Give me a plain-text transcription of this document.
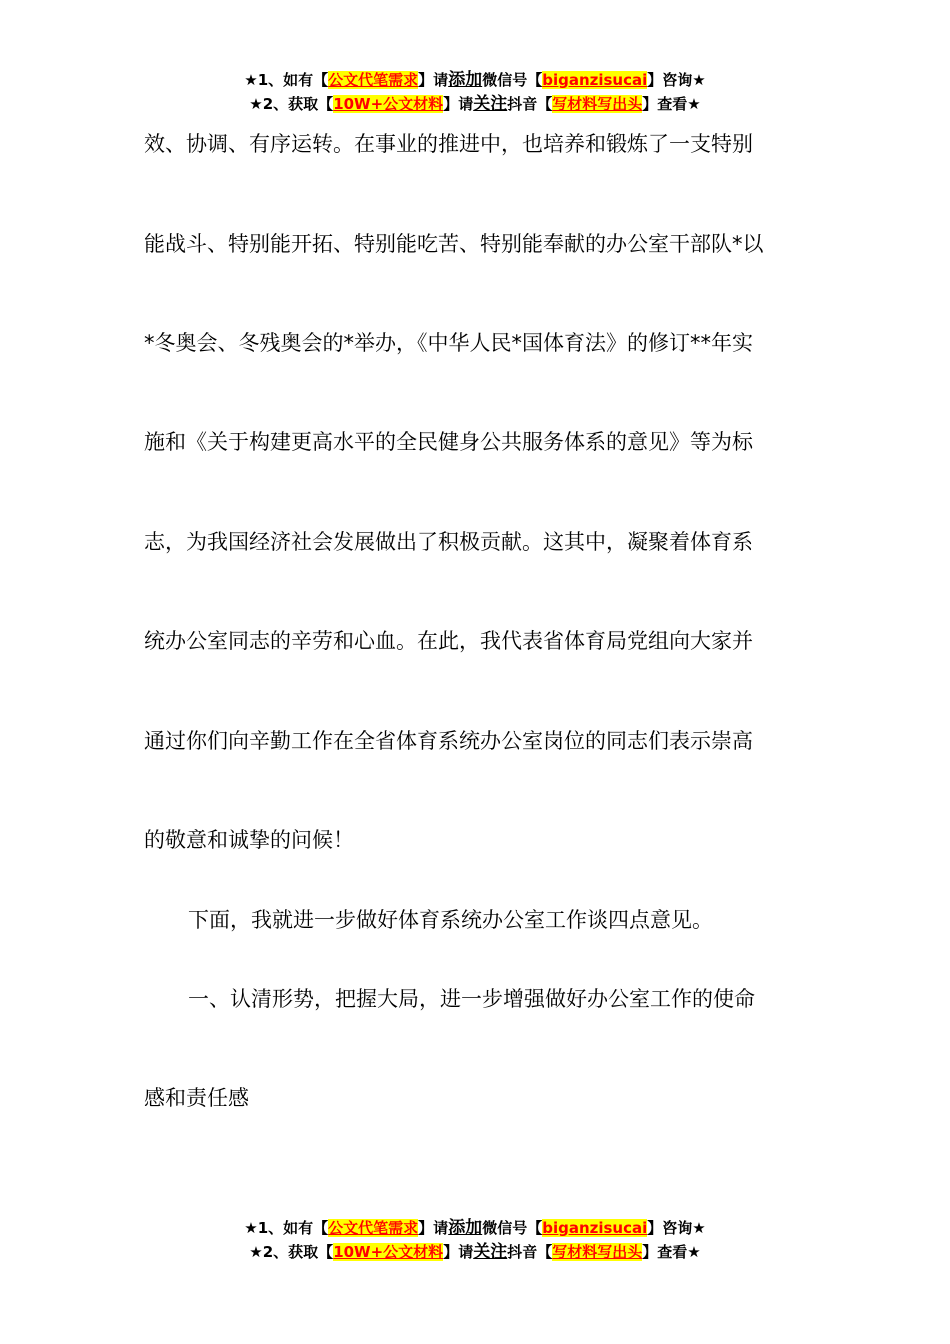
★1、如有【公文代笔需求】请添加微信号【biganzisucai】咨询★
★2、获取【10W+公文材料】请关注抖音【写材料写出头】查看★
效、协调、有序运转。在事业的推进中，也培养和锻炼了一支特别
能战斗、特别能开拓、特别能吃苦、特别能奉献的办公室干部队*以
*冬奥会、冬残奥会的*举办，《中华人民*国体育法》的修订**年实
施和《关于构建更高水平的全民健身公共服务体系的意见》等为标
志，为我国经济社会发展做出了积极贡献。这其中，凝聚着体育系
统办公室同志的辛劳和心血。在此，我代表省体育局党组向大家并
通过你们向辛勤工作在全省体育系统办公室岗位的同志们表示崇高
的敬意和诚挚的问候！
下面，我就进一步做好体育系统办公室工作谈四点意见。
一、认清形势，把握大局，进一步增强做好办公室工作的使命
感和责任感
★1、如有【公文代笔需求】请添加微信号【biganzisucai】咨询★
★2、获取【10W+公文材料】请关注抖音【写材料写出头】查看★
